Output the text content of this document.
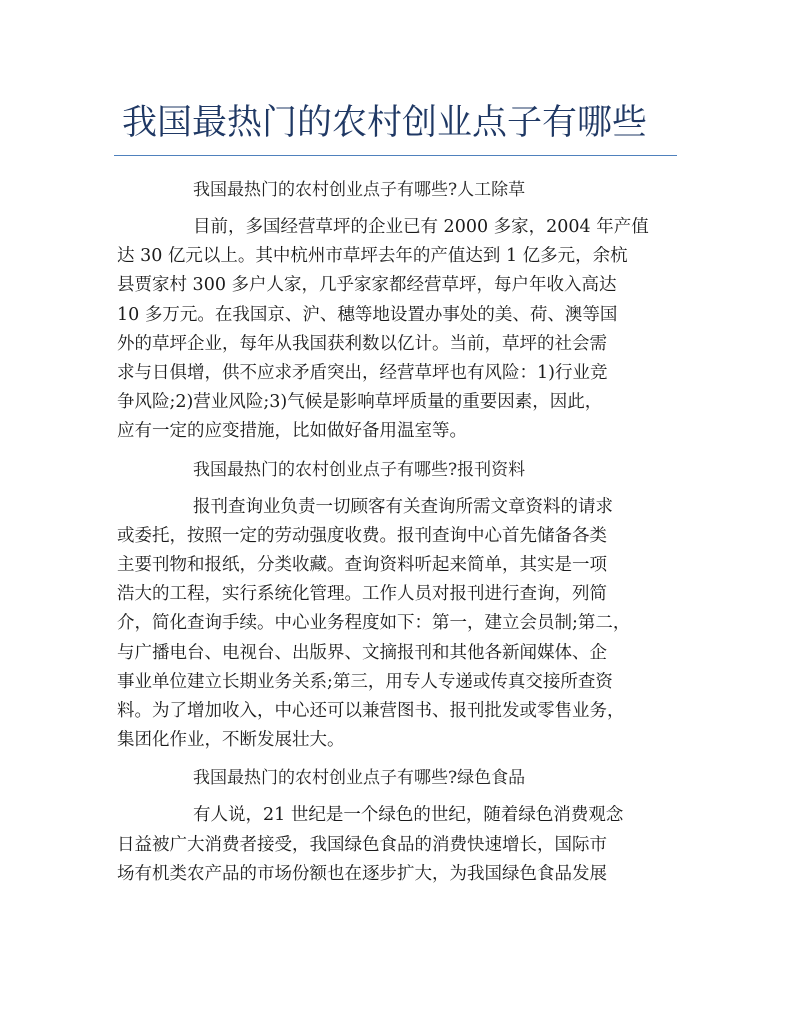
我国最热门的农村创业点子有哪些
我国最热门的农村创业点子有哪些?人工除草
目前，多国经营草坪的企业已有 2000 多家，2004 年产值
达 30 亿元以上。其中杭州市草坪去年的产值达到 1 亿多元，余杭
县贾家村 300 多户人家，几乎家家都经营草坪，每户年收入高达
10 多万元。在我国京、沪、穗等地设置办事处的美、荷、澳等国
外的草坪企业，每年从我国获利数以亿计。当前，草坪的社会需
求与日俱增，供不应求矛盾突出，经营草坪也有风险：1)行业竞
争风险;2)营业风险;3)气候是影响草坪质量的重要因素，因此，
应有一定的应变措施，比如做好备用温室等。
我国最热门的农村创业点子有哪些?报刊资料
报刊查询业负责一切顾客有关查询所需文章资料的请求
或委托，按照一定的劳动强度收费。报刊查询中心首先储备各类
主要刊物和报纸，分类收藏。查询资料听起来简单，其实是一项
浩大的工程，实行系统化管理。工作人员对报刊进行查询，列简
介，简化查询手续。中心业务程度如下：第一，建立会员制;第二，
与广播电台、电视台、出版界、文摘报刊和其他各新闻媒体、企
事业单位建立长期业务关系;第三，用专人专递或传真交接所查资
料。为了增加收入，中心还可以兼营图书、报刊批发或零售业务，
集团化作业，不断发展壮大。
我国最热门的农村创业点子有哪些?绿色食品
有人说，21 世纪是一个绿色的世纪，随着绿色消费观念
日益被广大消费者接受，我国绿色食品的消费快速增长，国际市
场有机类农产品的市场份额也在逐步扩大，为我国绿色食品发展
